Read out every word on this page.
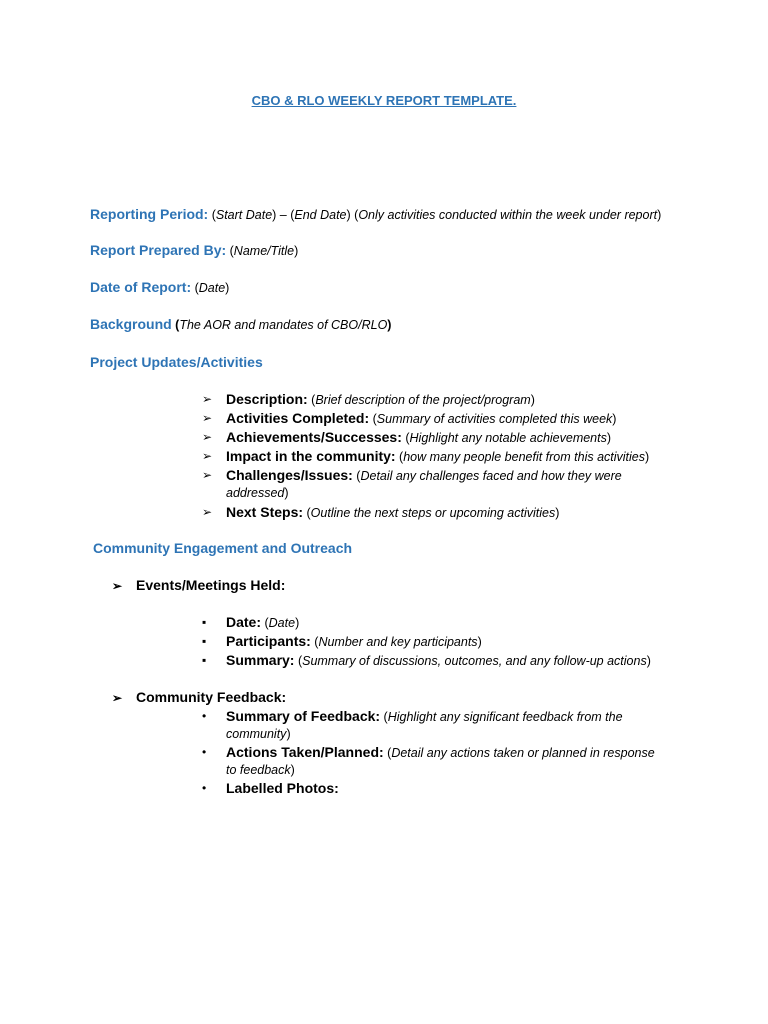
CBO & RLO WEEKLY REPORT TEMPLATE.
Reporting Period: (Start Date) – (End Date) (Only activities conducted within the week under report)
Report Prepared By: (Name/Title)
Date of Report: (Date)
Background (The AOR and mandates of CBO/RLO)
Project Updates/Activities
➢ Description: (Brief description of the project/program)
➢ Activities Completed: (Summary of activities completed this week)
➢ Achievements/Successes: (Highlight any notable achievements)
➢ Impact in the community: (how many people benefit from this activities)
➢ Challenges/Issues: (Detail any challenges faced and how they were addressed)
➢ Next Steps: (Outline the next steps or upcoming activities)
Community Engagement and Outreach
➢ Events/Meetings Held:
▪	Date: (Date)
▪	Participants: (Number and key participants)
▪	Summary: (Summary of discussions, outcomes, and any follow-up actions)
➢ Community Feedback:
•	Summary of Feedback: (Highlight any significant feedback from the community)
•	Actions Taken/Planned: (Detail any actions taken or planned in response to feedback)
•	Labelled Photos:
